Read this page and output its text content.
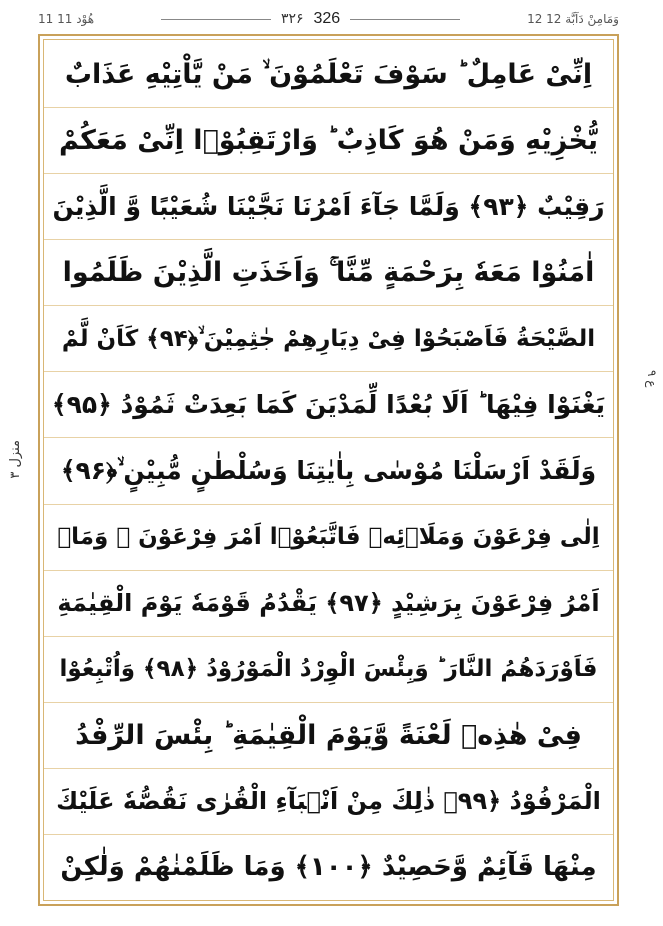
11 ھُوْد 11	۳۲۶ 326	12 وَمَامِنْ دَآبَّة 12
اِنِّیْ عَامِلٌ ؕ سَوْفَ تَعْلَمُوْنَ ۙ مَنْ یَّاْتِیْهِ عَذَابٌ
یُّخْزِیْهِ وَمَنْ هُوَ كَاذِبٌ ؕ وَارْتَقِبُوْۤا اِنِّیْ مَعَكُمْ
رَقِیْبٌ ﴿۹۳﴾ وَلَمَّا جَآءَ اَمْرُنَا نَجَّیْنَا شُعَیْبًا وَّ الَّذِیْنَ
اٰمَنُوْا مَعَهٗ بِرَحْمَةٍ مِّنَّا ۚ وَاَخَذَتِ الَّذِیْنَ ظَلَمُوا
الصَّیْحَةُ فَاَصْبَحُوْا فِیْ دِیَارِهِمْ جٰثِمِیْنَ ۙ﴿۹۴﴾ كَاَنْ لَّمْ
یَغْنَوْا فِیْهَا ؕ اَلَا بُعْدًا لِّمَدْیَنَ كَمَا بَعِدَتْ ثَمُوْدُ ﴿۹۵﴾
وَلَقَدْ اَرْسَلْنَا مُوْسٰى بِاٰیٰتِنَا وَسُلْطٰنٍ مُّبِیْنٍ ۙ﴿۹۶﴾
اِلٰى فِرْعَوْنَ وَمَلَا۠ئِهٖ فَاتَّبَعُوْۤا اَمْرَ فِرْعَوْنَ ۚ وَمَاۤ
اَمْرُ فِرْعَوْنَ بِرَشِیْدٍ ﴿۹۷﴾ یَقْدُمُ قَوْمَهٗ یَوْمَ الْقِیٰمَةِ
فَاَوْرَدَهُمُ النَّارَ ؕ وَبِئْسَ الْوِرْدُ الْمَوْرُوْدُ ﴿۹۸﴾ وَاُتْبِعُوْا
فِیْ هٰذِهٖ لَعْنَةً وَّیَوْمَ الْقِیٰمَةِ ؕ بِئْسَ الرِّفْدُ
الْمَرْفُوْدُ ﴿۹۹﴾ ذٰلِكَ مِنْ اَنْۢبَآءِ الْقُرٰى نَقُصُّهٗ عَلَیْكَ
مِنْهَا قَآئِمٌ وَّحَصِیْدٌ ﴿۱۰۰﴾ وَمَا ظَلَمْنٰهُمْ وَلٰكِنْ
ع ۹
منزل ۳
